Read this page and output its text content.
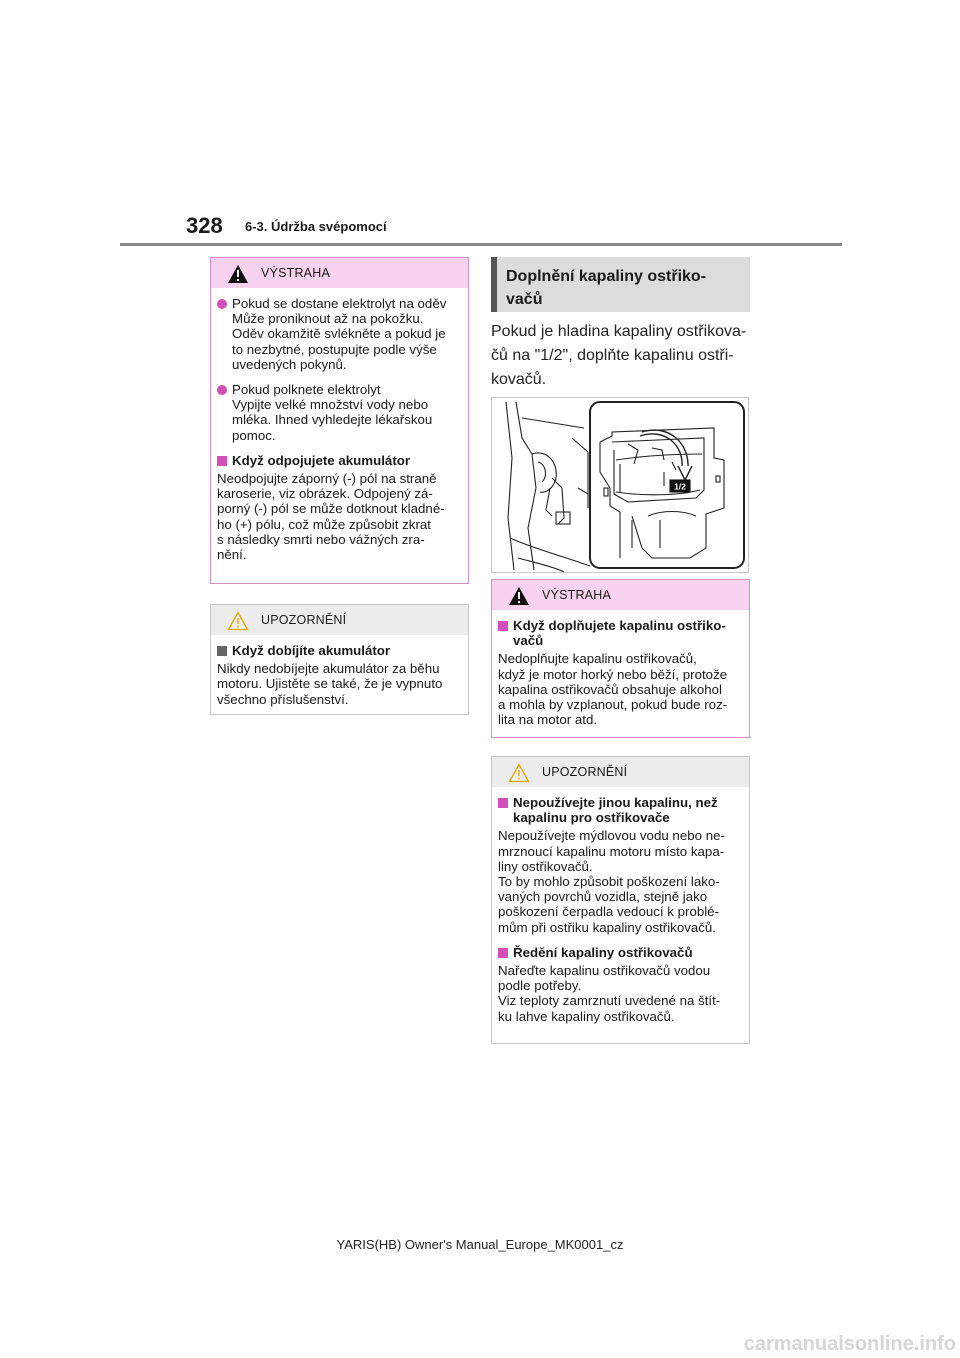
328 6-3. Údržba svépomocí
VÝSTRAHA
Pokud se dostane elektrolyt na oděv
Může proniknout až na pokožku.
Oděv okamžitě svlékněte a pokud je
to nezbytné, postupujte podle výše
uvedených pokynů.
Pokud polknete elektrolyt
Vypijte velké množství vody nebo
mléka. Ihned vyhledejte lékařskou
pomoc.
Když odpojujete akumulátor
Neodpojujte záporný (-) pól na straně
karoserie, viz obrázek. Odpojený zá-
porný (-) pól se může dotknout kladné-
ho (+) pólu, což může způsobit zkrat
s následky smrti nebo vážných zra-
nění.
UPOZORNĚNÍ
Když dobíjíte akumulátor
Nikdy nedobíjejte akumulátor za běhu
motoru. Ujistěte se také, že je vypnuto
všechno příslušenství.
Doplnění kapaliny ostřiko-
vačů
Pokud je hladina kapaliny ostřikova-
čů na "1/2", doplňte kapalinu ostři-
kovačů.
1/2
VÝSTRAHA
Když doplňujete kapalinu ostřiko-
vačů
Nedoplňujte kapalinu ostřikovačů,
když je motor horký nebo běží, protože
kapalina ostřikovačů obsahuje alkohol
a mohla by vzplanout, pokud bude roz-
lita na motor atd.
UPOZORNĚNÍ
Nepoužívejte jinou kapalinu, než
kapalinu pro ostřikovače
Nepoužívejte mýdlovou vodu nebo ne-
mrznoucí kapalinu motoru místo kapa-
liny ostřikovačů.
To by mohlo způsobit poškození lako-
vaných povrchů vozidla, stejně jako
poškození čerpadla vedoucí k problé-
mům při ostřiku kapaliny ostřikovačů.
Ředění kapaliny ostřikovačů
Nařeďte kapalinu ostřikovačů vodou
podle potřeby.
Viz teploty zamrznutí uvedené na štít-
ku lahve kapaliny ostřikovačů.
YARIS(HB) Owner's Manual_Europe_MK0001_cz
carmanualsonline.info
